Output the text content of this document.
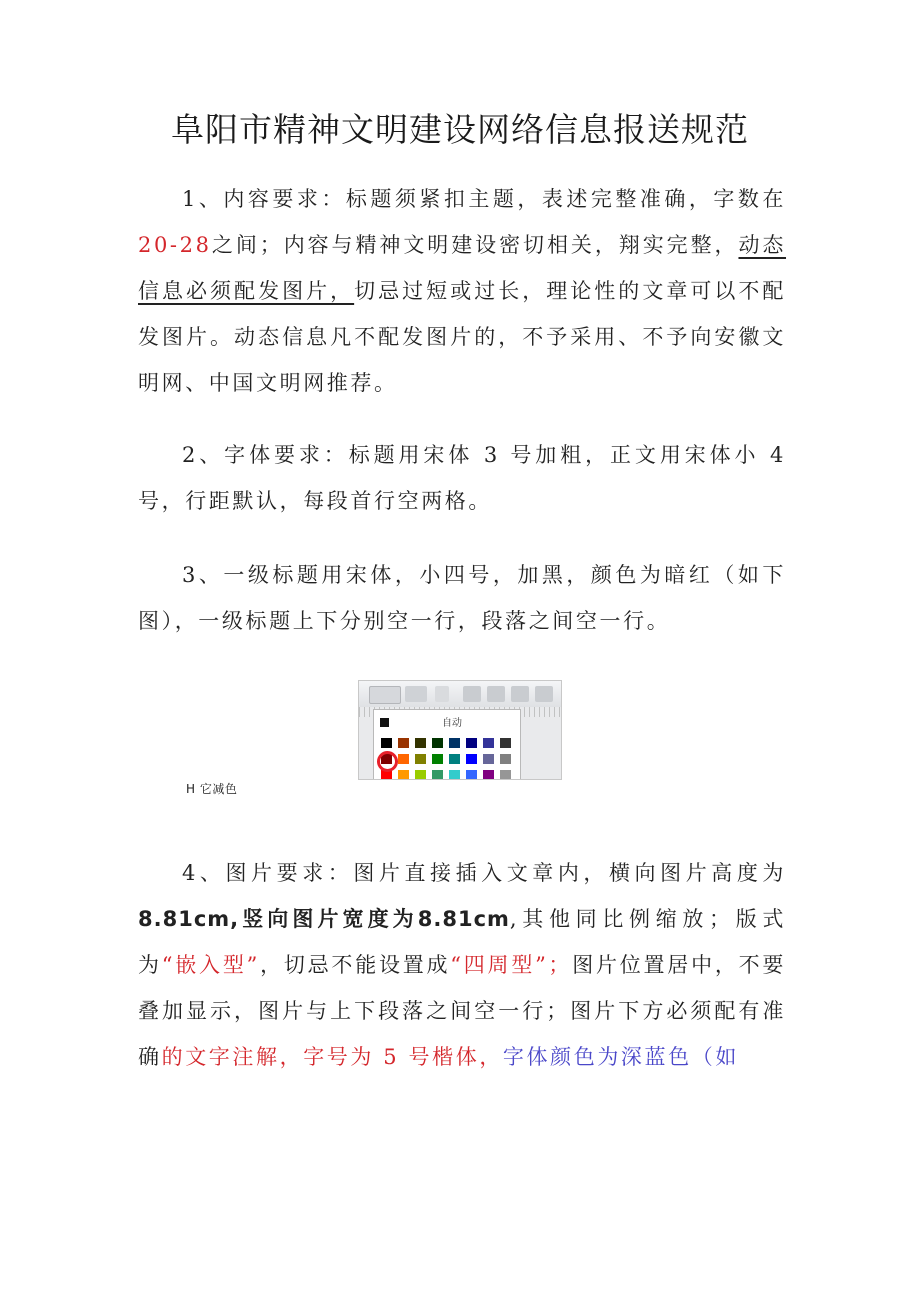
阜阳市精神文明建设网络信息报送规范
1、内容要求：标题须紧扣主题，表述完整准确，字数在20-28之间；内容与精神文明建设密切相关，翔实完整，动态信息必须配发图片，切忌过短或过长，理论性的文章可以不配发图片。动态信息凡不配发图片的，不予采用、不予向安徽文明网、中国文明网推荐。
2、字体要求：标题用宋体 3 号加粗，正文用宋体小 4 号，行距默认，每段首行空两格。
3、一级标题用宋体，小四号，加黑，颜色为暗红（如下图），一级标题上下分别空一行，段落之间空一行。
自动
H 它减色
4、图片要求：图片直接插入文章内，横向图片高度为8.81cm,竖向图片宽度为8.81cm,其他同比例缩放；版式为“嵌入型”，切忌不能设置成“四周型”；图片位置居中，不要叠加显示，图片与上下段落之间空一行；图片下方必须配有准确的文字注解，字号为 5 号楷体，字体颜色为深蓝色（如
